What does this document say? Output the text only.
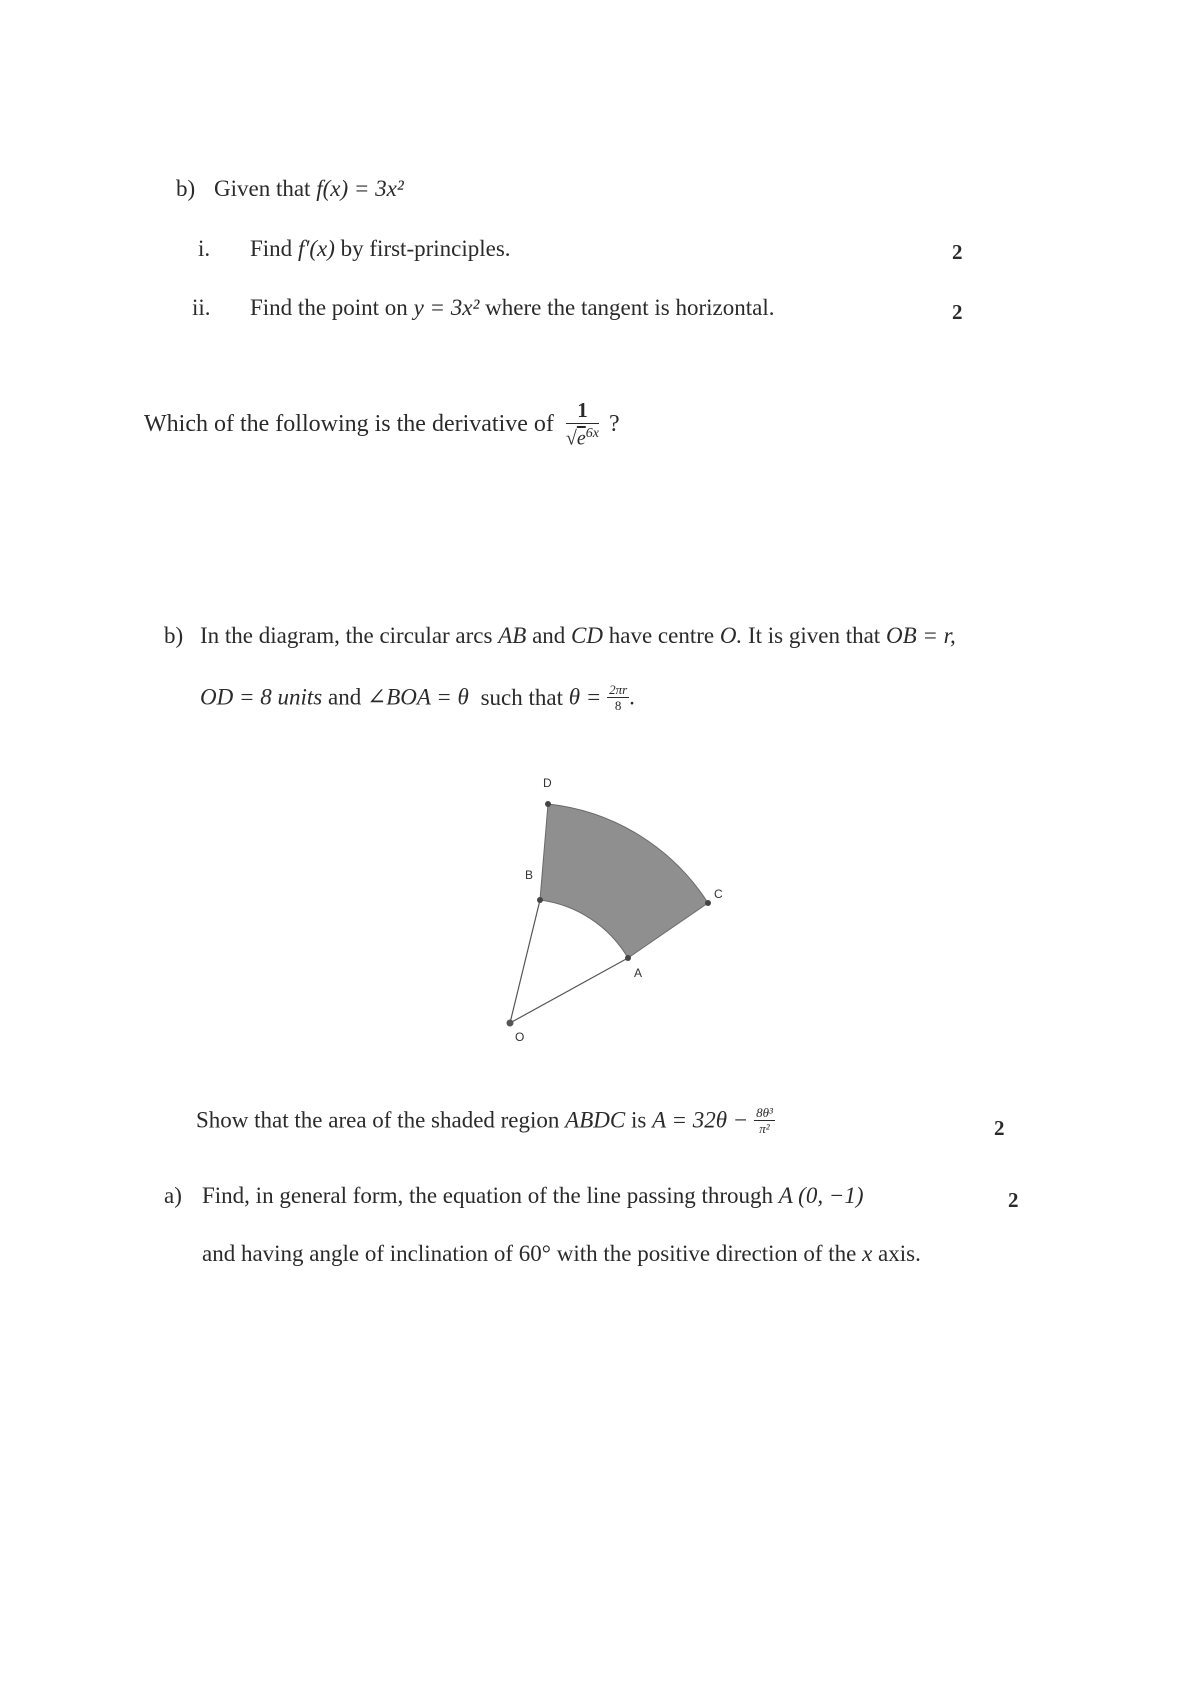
b) Given that f(x) = 3x²
i. Find f′(x) by first-principles.	2
ii. Find the point on y = 3x² where the tangent is horizontal.	2
Which of the following is the derivative of $\frac{1}{√e^{6x}}$ ?
b) In the diagram, the circular arcs AB and CD have centre O. It is given that OB = r,
OD = 8 units and ∠BOA = θ such that $\theta = \frac{2\pi r}{8}$ .
D
B
C
A
O
Show that the area of the shaded region ABDC is $A = 32\theta - \frac{\text{8θ³}}{\text{π²}}$	2
a) Find, in general form, the equation of the line passing through A (0, −1)	2
and having angle of inclination of 60° with the positive direction of the x axis.
